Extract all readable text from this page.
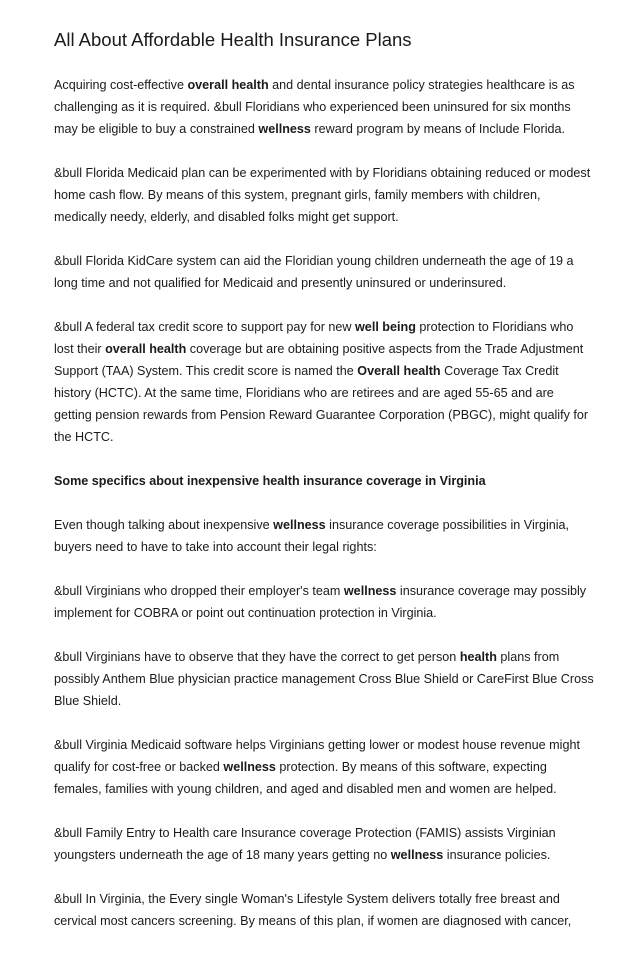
All About Affordable Health Insurance Plans

Acquiring cost-effective overall health and dental insurance policy strategies healthcare is as challenging as it is required. &bull Floridians who experienced been uninsured for six months may be eligible to buy a constrained wellness reward program by means of Include Florida.

&bull Florida Medicaid plan can be experimented with by Floridians obtaining reduced or modest home cash flow. By means of this system, pregnant girls, family members with children, medically needy, elderly, and disabled folks might get support.

&bull Florida KidCare system can aid the Floridian young children underneath the age of 19 a long time and not qualified for Medicaid and presently uninsured or underinsured.

&bull A federal tax credit score to support pay for new well being protection to Floridians who lost their overall health coverage but are obtaining positive aspects from the Trade Adjustment Support (TAA) System. This credit score is named the Overall health Coverage Tax Credit history (HCTC). At the same time, Floridians who are retirees and are aged 55-65 and are getting pension rewards from Pension Reward Guarantee Corporation (PBGC), might qualify for the HCTC.

Some specifics about inexpensive health insurance coverage in Virginia

Even though talking about inexpensive wellness insurance coverage possibilities in Virginia, buyers need to have to take into account their legal rights:

&bull Virginians who dropped their employer's team wellness insurance coverage may possibly implement for COBRA or point out continuation protection in Virginia.

&bull Virginians have to observe that they have the correct to get person health plans from possibly Anthem Blue physician practice management Cross Blue Shield or CareFirst Blue Cross Blue Shield.

&bull Virginia Medicaid software helps Virginians getting lower or modest house revenue might qualify for cost-free or backed wellness protection. By means of this software, expecting females, families with young children, and aged and disabled men and women are helped.

&bull Family Entry to Health care Insurance coverage Protection (FAMIS) assists Virginian youngsters underneath the age of 18 many years getting no wellness insurance policies.

&bull In Virginia, the Every single Woman's Lifestyle System delivers totally free breast and cervical most cancers screening. By means of this plan, if women are diagnosed with cancer,
